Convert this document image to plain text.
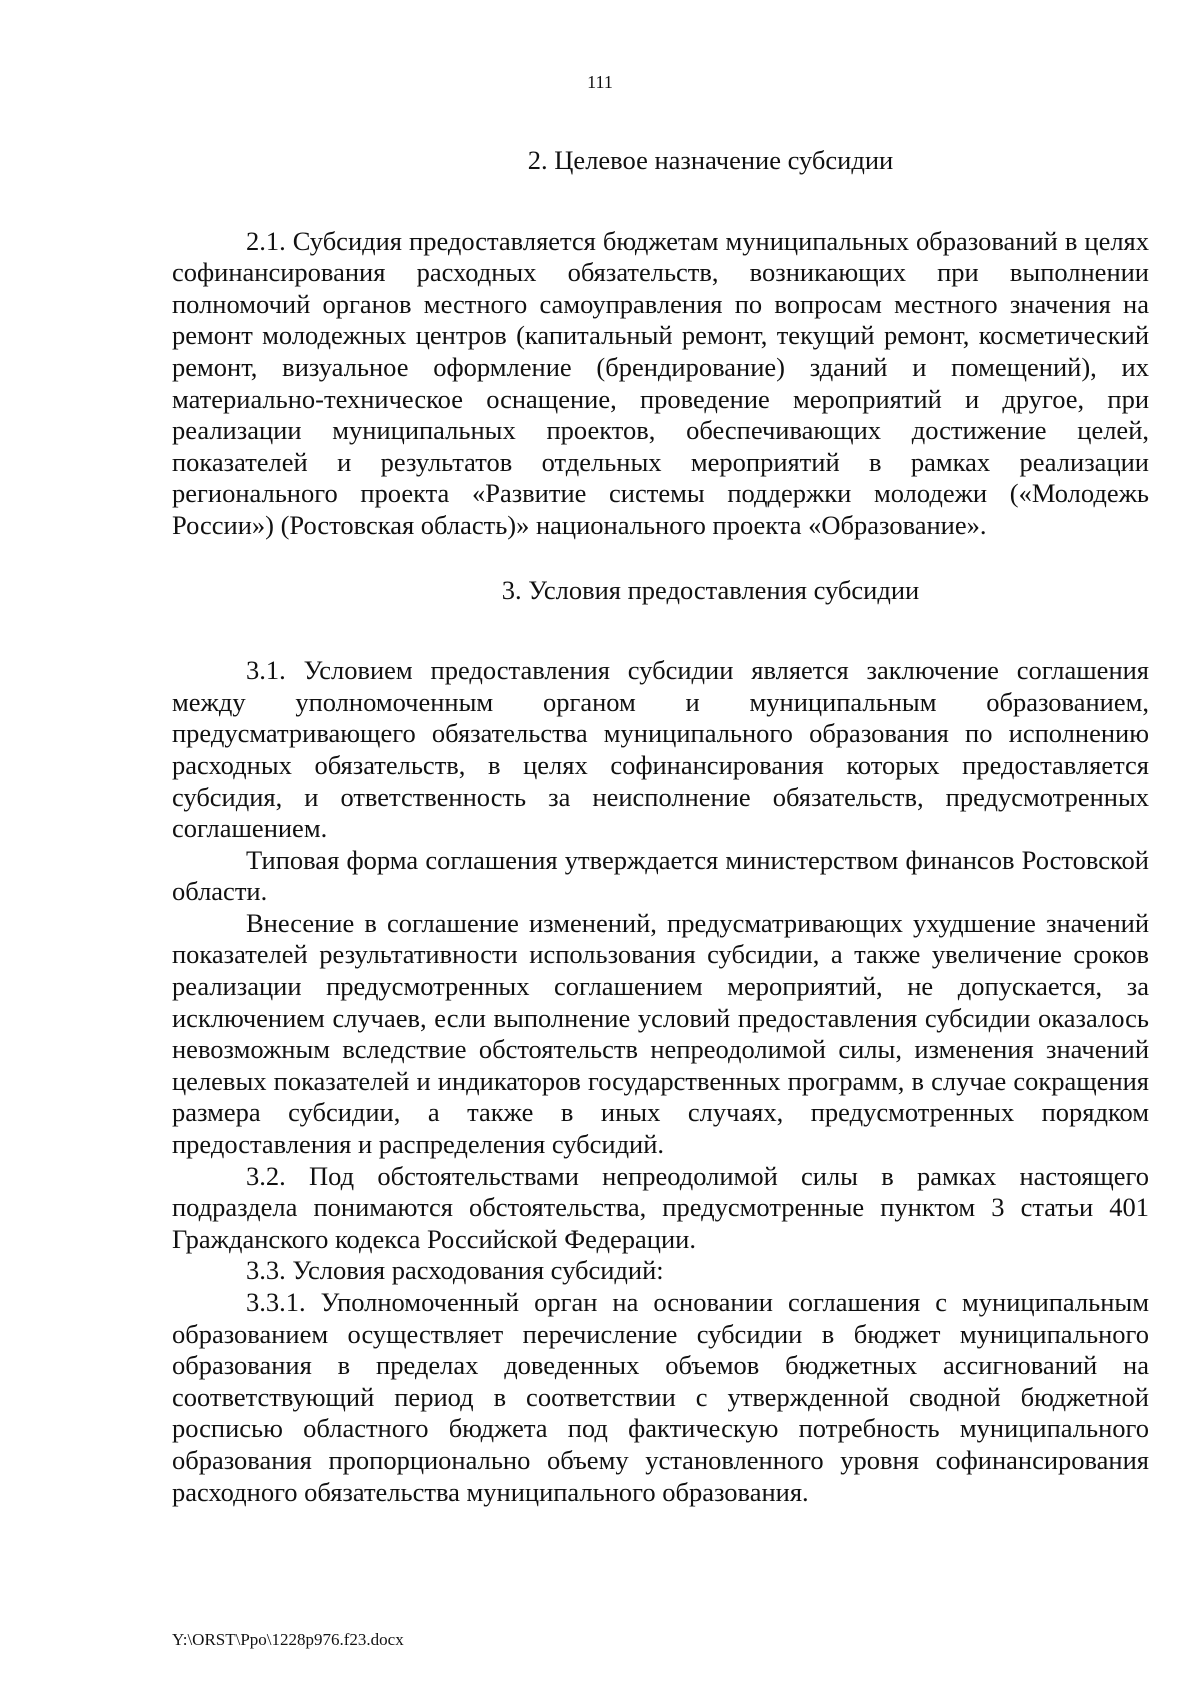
111
2. Целевое назначение субсидии

2.1. Субсидия предоставляется бюджетам муниципальных образований в целях софинансирования расходных обязательств, возникающих при выполнении полномочий органов местного самоуправления по вопросам местного значения на ремонт молодежных центров (капитальный ремонт, текущий ремонт, косметический ремонт, визуальное оформление (брендирование) зданий и помещений), их материально-техническое оснащение, проведение мероприятий и другое, при реализации муниципальных проектов, обеспечивающих достижение целей, показателей и результатов отдельных мероприятий в рамках реализации регионального проекта «Развитие системы поддержки молодежи («Молодежь России») (Ростовская область)» национального проекта «Образование».

3. Условия предоставления субсидии

3.1. Условием предоставления субсидии является заключение соглашения между уполномоченным органом и муниципальным образованием, предусматривающего обязательства муниципального образования по исполнению расходных обязательств, в целях софинансирования которых предоставляется субсидия, и ответственность за неисполнение обязательств, предусмотренных соглашением.

Типовая форма соглашения утверждается министерством финансов Ростовской области.

Внесение в соглашение изменений, предусматривающих ухудшение значений показателей результативности использования субсидии, а также увеличение сроков реализации предусмотренных соглашением мероприятий, не допускается, за исключением случаев, если выполнение условий предоставления субсидии оказалось невозможным вследствие обстоятельств непреодолимой силы, изменения значений целевых показателей и индикаторов государственных программ, в случае сокращения размера субсидии, а также в иных случаях, предусмотренных порядком предоставления и распределения субсидий.

3.2. Под обстоятельствами непреодолимой силы в рамках настоящего подраздела понимаются обстоятельства, предусмотренные пунктом 3 статьи 401 Гражданского кодекса Российской Федерации.

3.3. Условия расходования субсидий:

3.3.1. Уполномоченный орган на основании соглашения с муниципальным образованием осуществляет перечисление субсидии в бюджет муниципального образования в пределах доведенных объемов бюджетных ассигнований на соответствующий период в соответствии с утвержденной сводной бюджетной росписью областного бюджета под фактическую потребность муниципального образования пропорционально объему установленного уровня софинансирования расходного обязательства муниципального образования.

Y:\ORST\Ppo\1228p976.f23.docx
